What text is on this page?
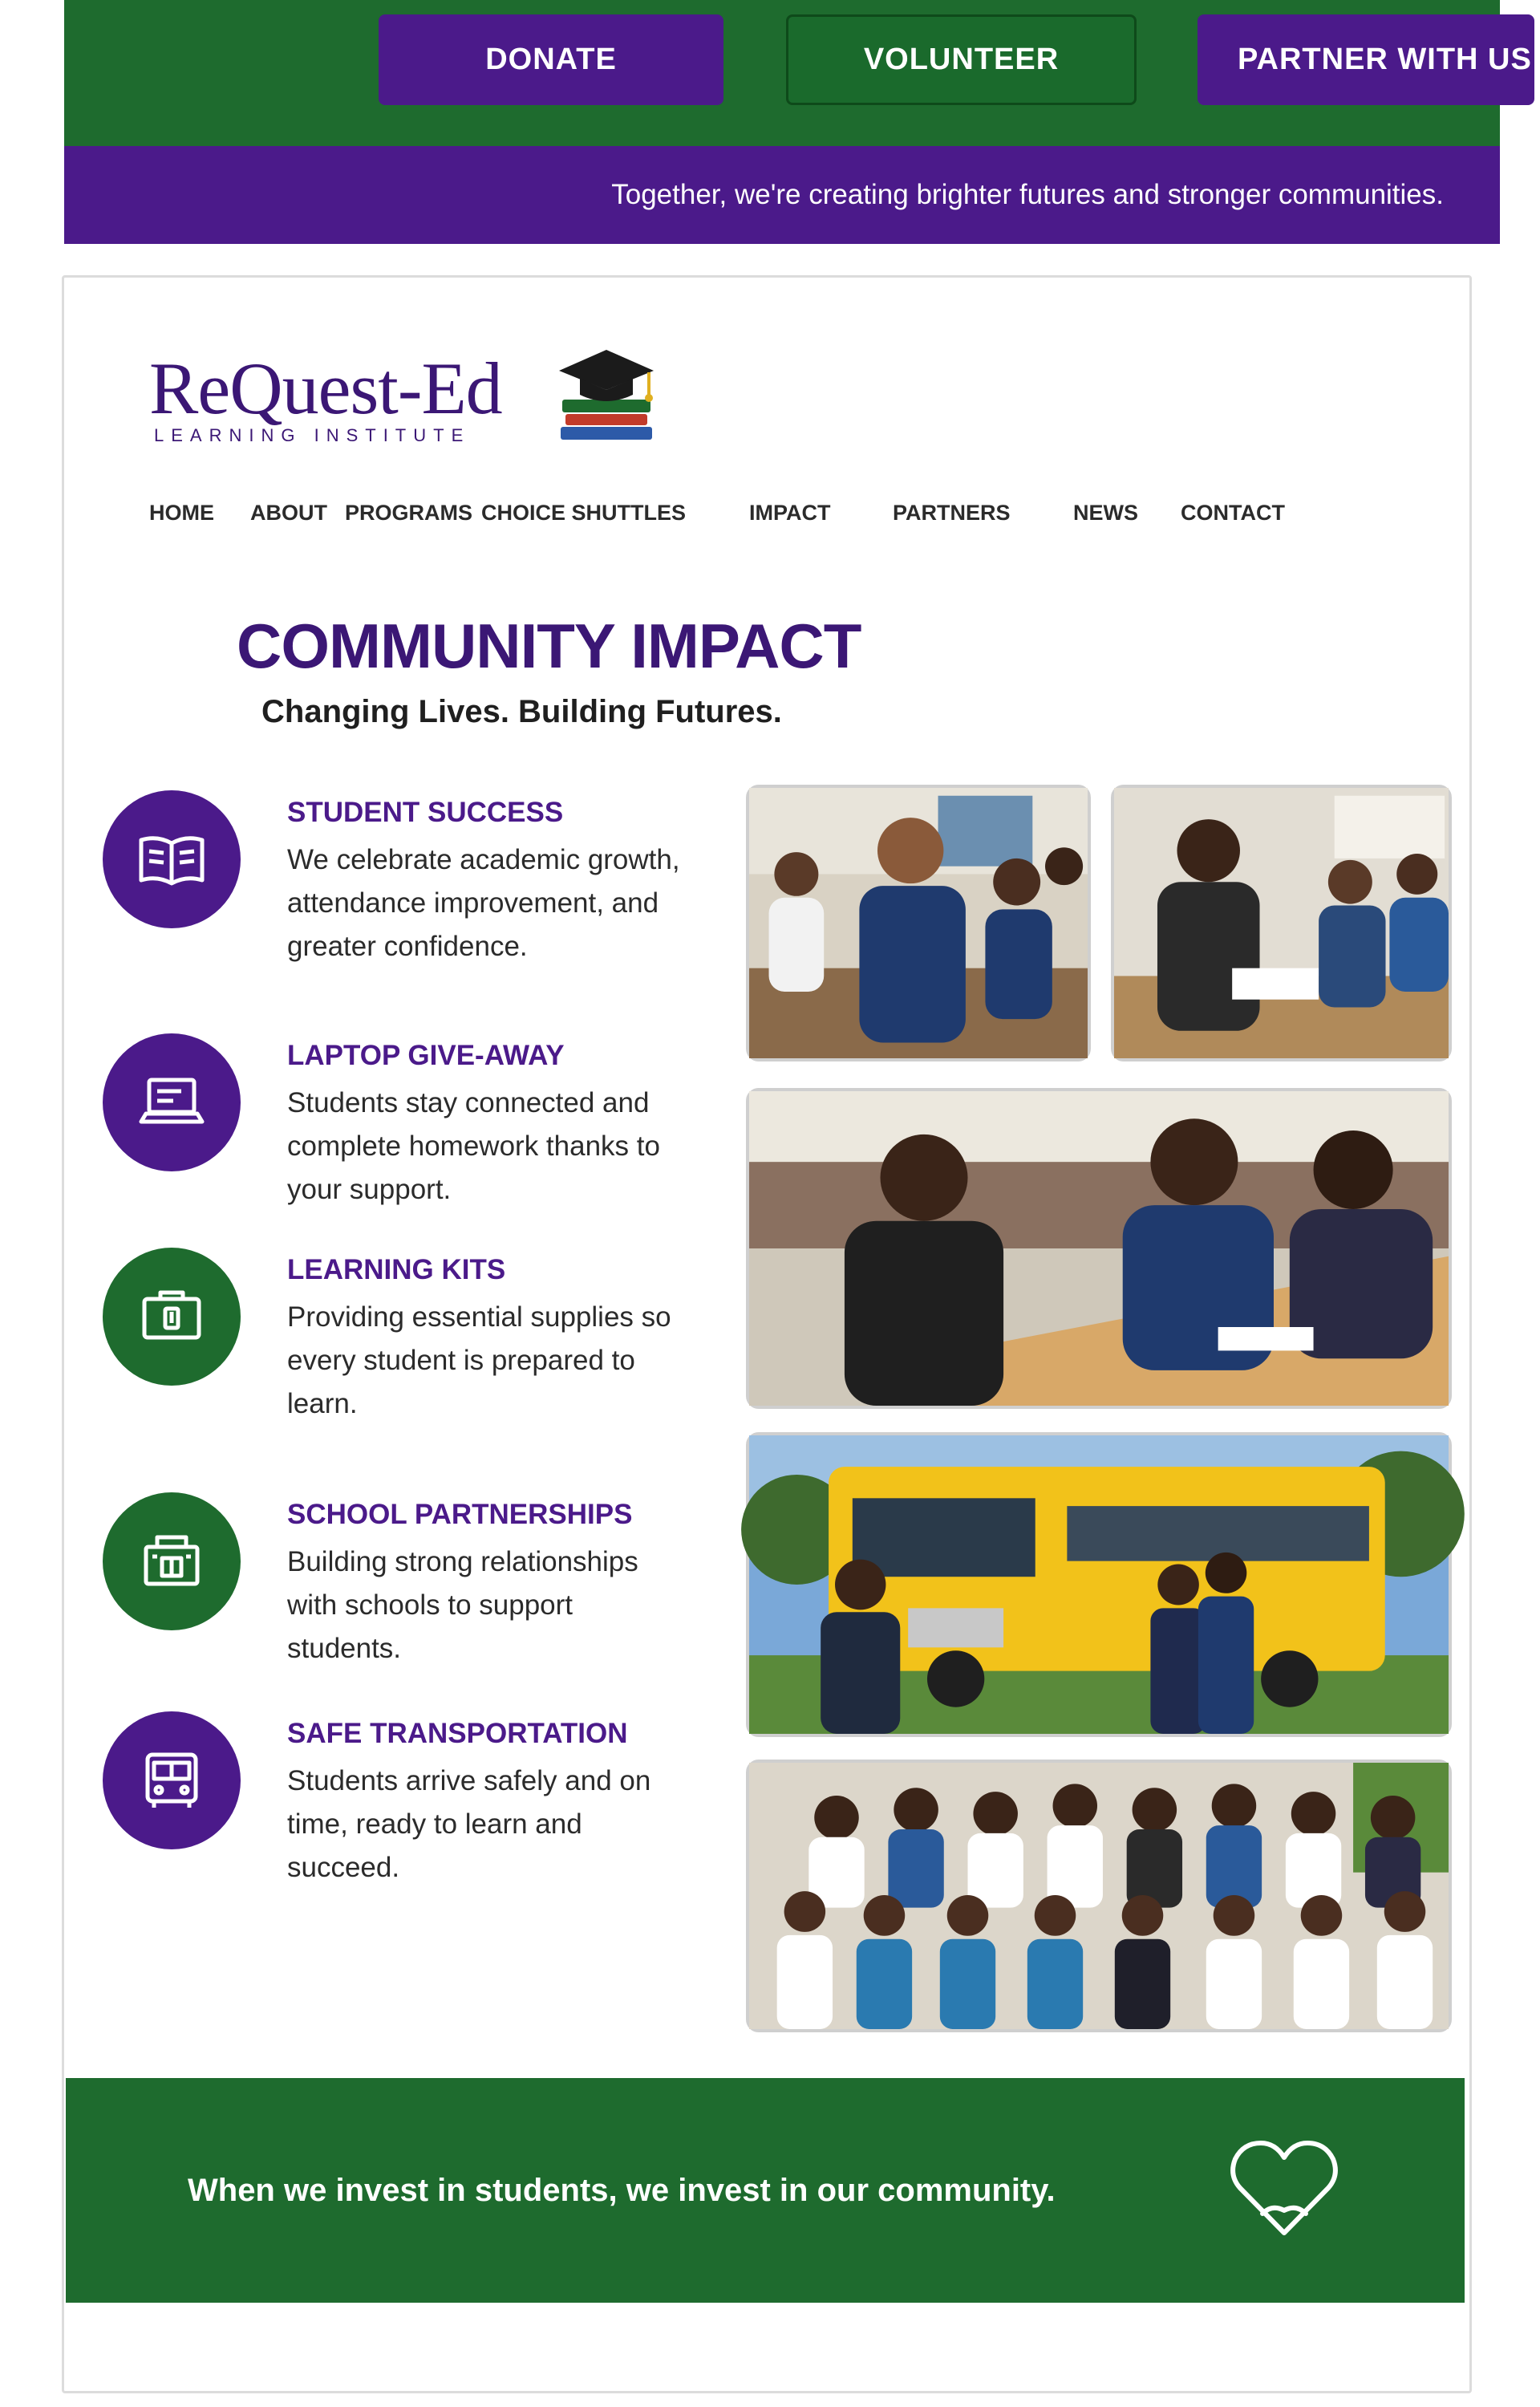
DONATE	VOLUNTEER	PARTNER WITH US
Together, we're creating brighter futures and stronger communities.
ReQuest-Ed
LEARNING INSTITUTE
HOME ABOUT PROGRAMS CHOICE SHUTTLES	IMPACT	PARTNERS	NEWS CONTACT
COMMUNITY IMPACT
Changing Lives. Building Futures.
STUDENT SUCCESS
We celebrate academic growth, attendance improvement, and greater confidence.
LAPTOP GIVE-AWAY
Students stay connected and complete homework thanks to your support.
LEARNING KITS
Providing essential supplies so every student is prepared to learn.
SCHOOL PARTNERSHIPS
Building strong relationships with schools to support students.
SAFE TRANSPORTATION
Students arrive safely and on time, ready to learn and succeed.
When we invest in students, we invest in our community.
